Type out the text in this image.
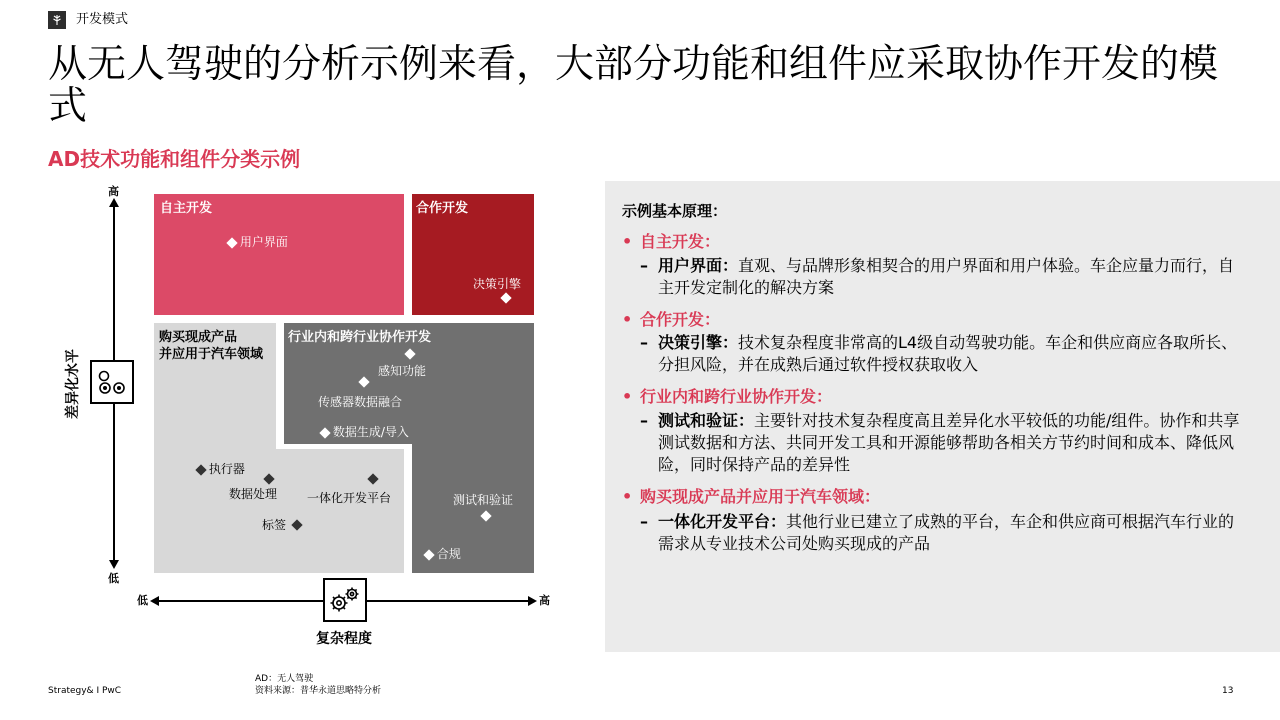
开发模式
从无人驾驶的分析示例来看，大部分功能和组件应采取协作开发的模式
AD技术功能和组件分类示例
高
低
差异化水平
低	高
复杂程度
自主开发
用户界面
合作开发
决策引擎
购买现成产品
并应用于汽车领域
执行器
数据处理 一体化开发平台
标签
行业内和跨行业协作开发
感知功能
传感器数据融合
数据生成/导入
测试和验证
合规
示例基本原理：
• 自主开发：
– 用户界面：直观、与品牌形象相契合的用户界面和用户体验。车企应量力而行，自主开发定制化的解决方案
• 合作开发：
– 决策引擎：技术复杂程度非常高的L4级自动驾驶功能。车企和供应商应各取所长、分担风险，并在成熟后通过软件授权获取收入
• 行业内和跨行业协作开发：
– 测试和验证：主要针对技术复杂程度高且差异化水平较低的功能/组件。协作和共享测试数据和方法、共同开发工具和开源能够帮助各相关方节约时间和成本、降低风险，同时保持产品的差异性
• 购买现成产品并应用于汽车领域：
– 一体化开发平台：其他行业已建立了成熟的平台，车企和供应商可根据汽车行业的需求从专业技术公司处购买现成的产品
Strategy& I PwC
AD：无人驾驶
资料来源：普华永道思略特分析	13
